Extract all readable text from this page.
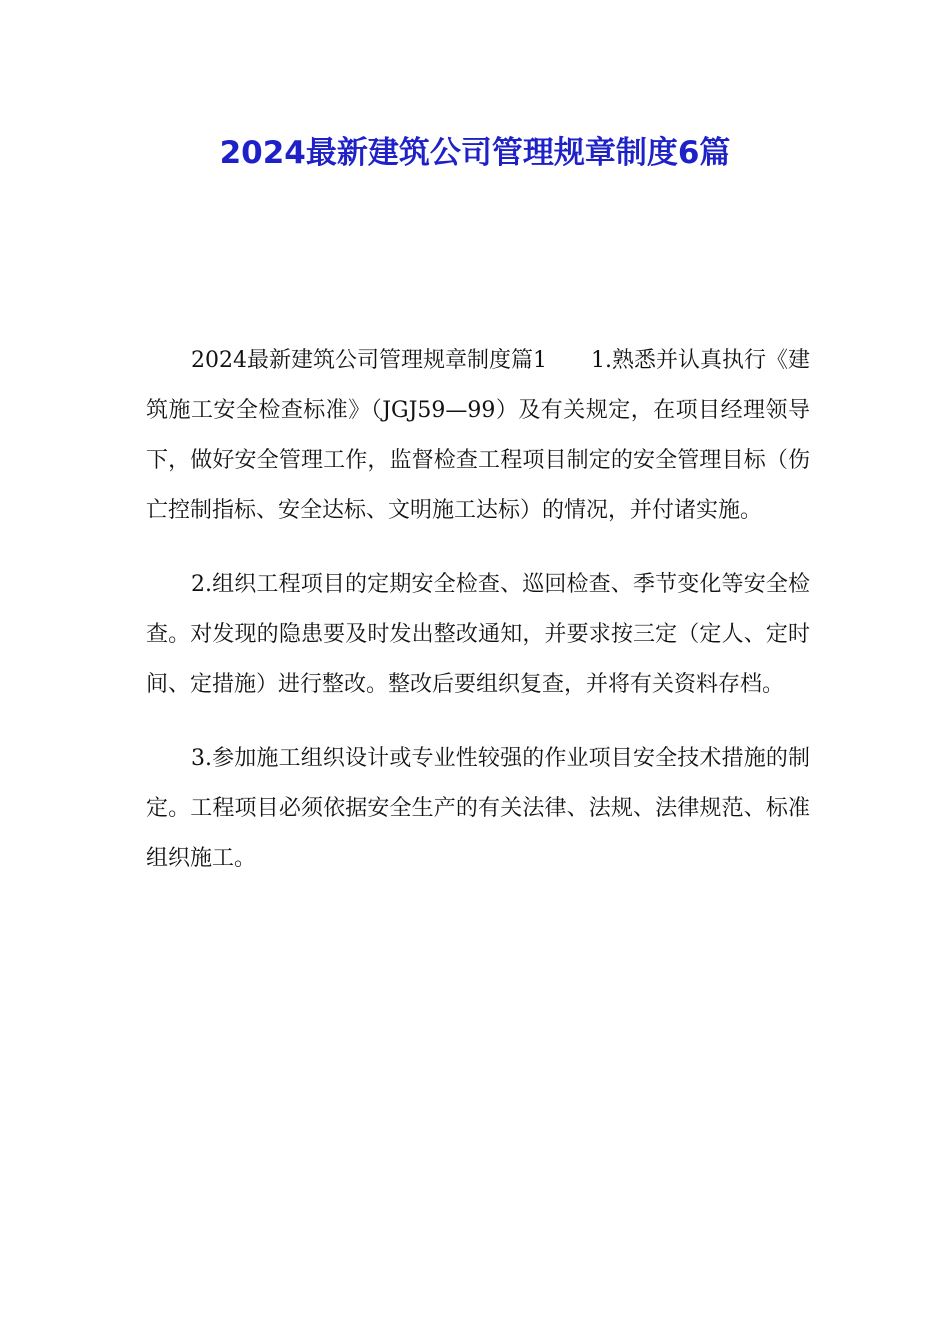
2024最新建筑公司管理规章制度6篇

2024最新建筑公司管理规章制度篇1 1.熟悉并认真执行《建筑施工安全检查标准》（JGJ59—99）及有关规定，在项目经理领导下，做好安全管理工作，监督检查工程项目制定的安全管理目标（伤亡控制指标、安全达标、文明施工达标）的情况，并付诸实施。

2.组织工程项目的定期安全检查、巡回检查、季节变化等安全检查。对发现的隐患要及时发出整改通知，并要求按三定（定人、定时间、定措施）进行整改。整改后要组织复查，并将有关资料存档。

3.参加施工组织设计或专业性较强的作业项目安全技术措施的制定。工程项目必须依据安全生产的有关法律、法规、法律规范、标准组织施工。
